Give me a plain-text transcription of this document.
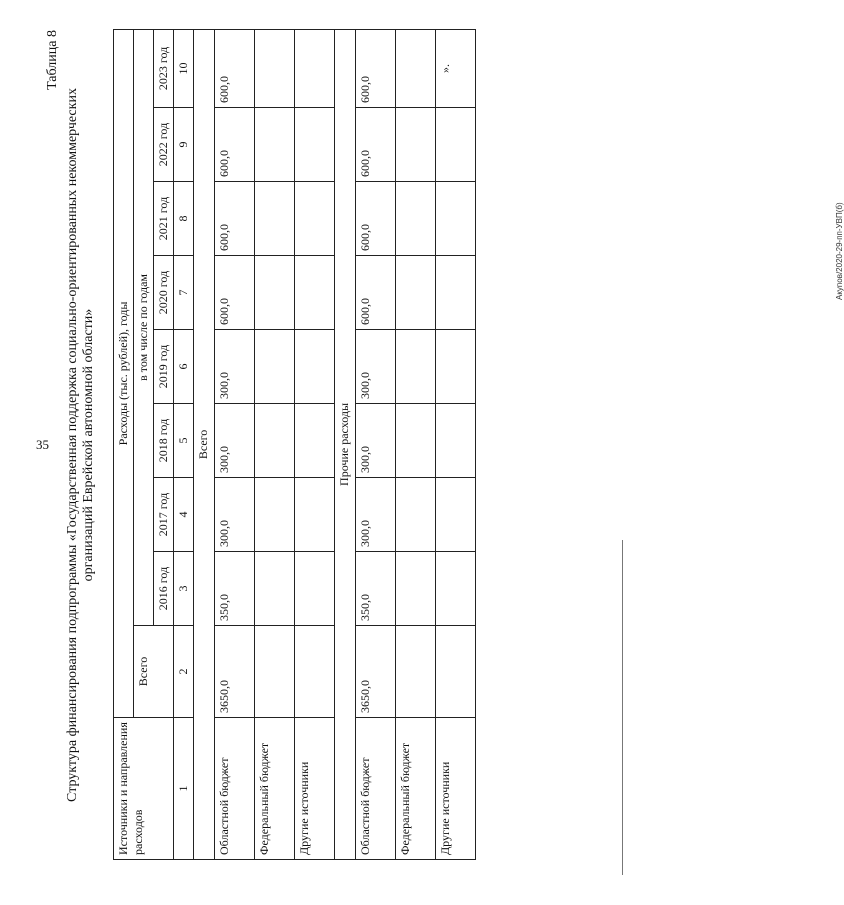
35
Таблица 8
Структура финансирования подпрограммы «Государственная поддержка социально-ориентированных некоммерческих организаций Еврейской автономной области»
Источники и направления расходов	Расходы (тыс. рублей), годы								
	Всего	в том числе по годам							
		2016 год	2017 год	2018 год	2019 год	2020 год	2021 год	2022 год	2023 год
1	2	3	4	5	6	7	8	9	10
Всего									
Областной бюджет	3650,0	350,0	300,0	300,0	300,0	600,0	600,0	600,0	600,0
Федеральный бюджет									
Другие источники									
Прочие расходы									
Областной бюджет	3650,0	350,0	300,0	300,0	300,0	600,0	600,0	600,0	600,0
Федеральный бюджет									
Другие источники									».
Акупов/2020-29-пп-УВП(б)
